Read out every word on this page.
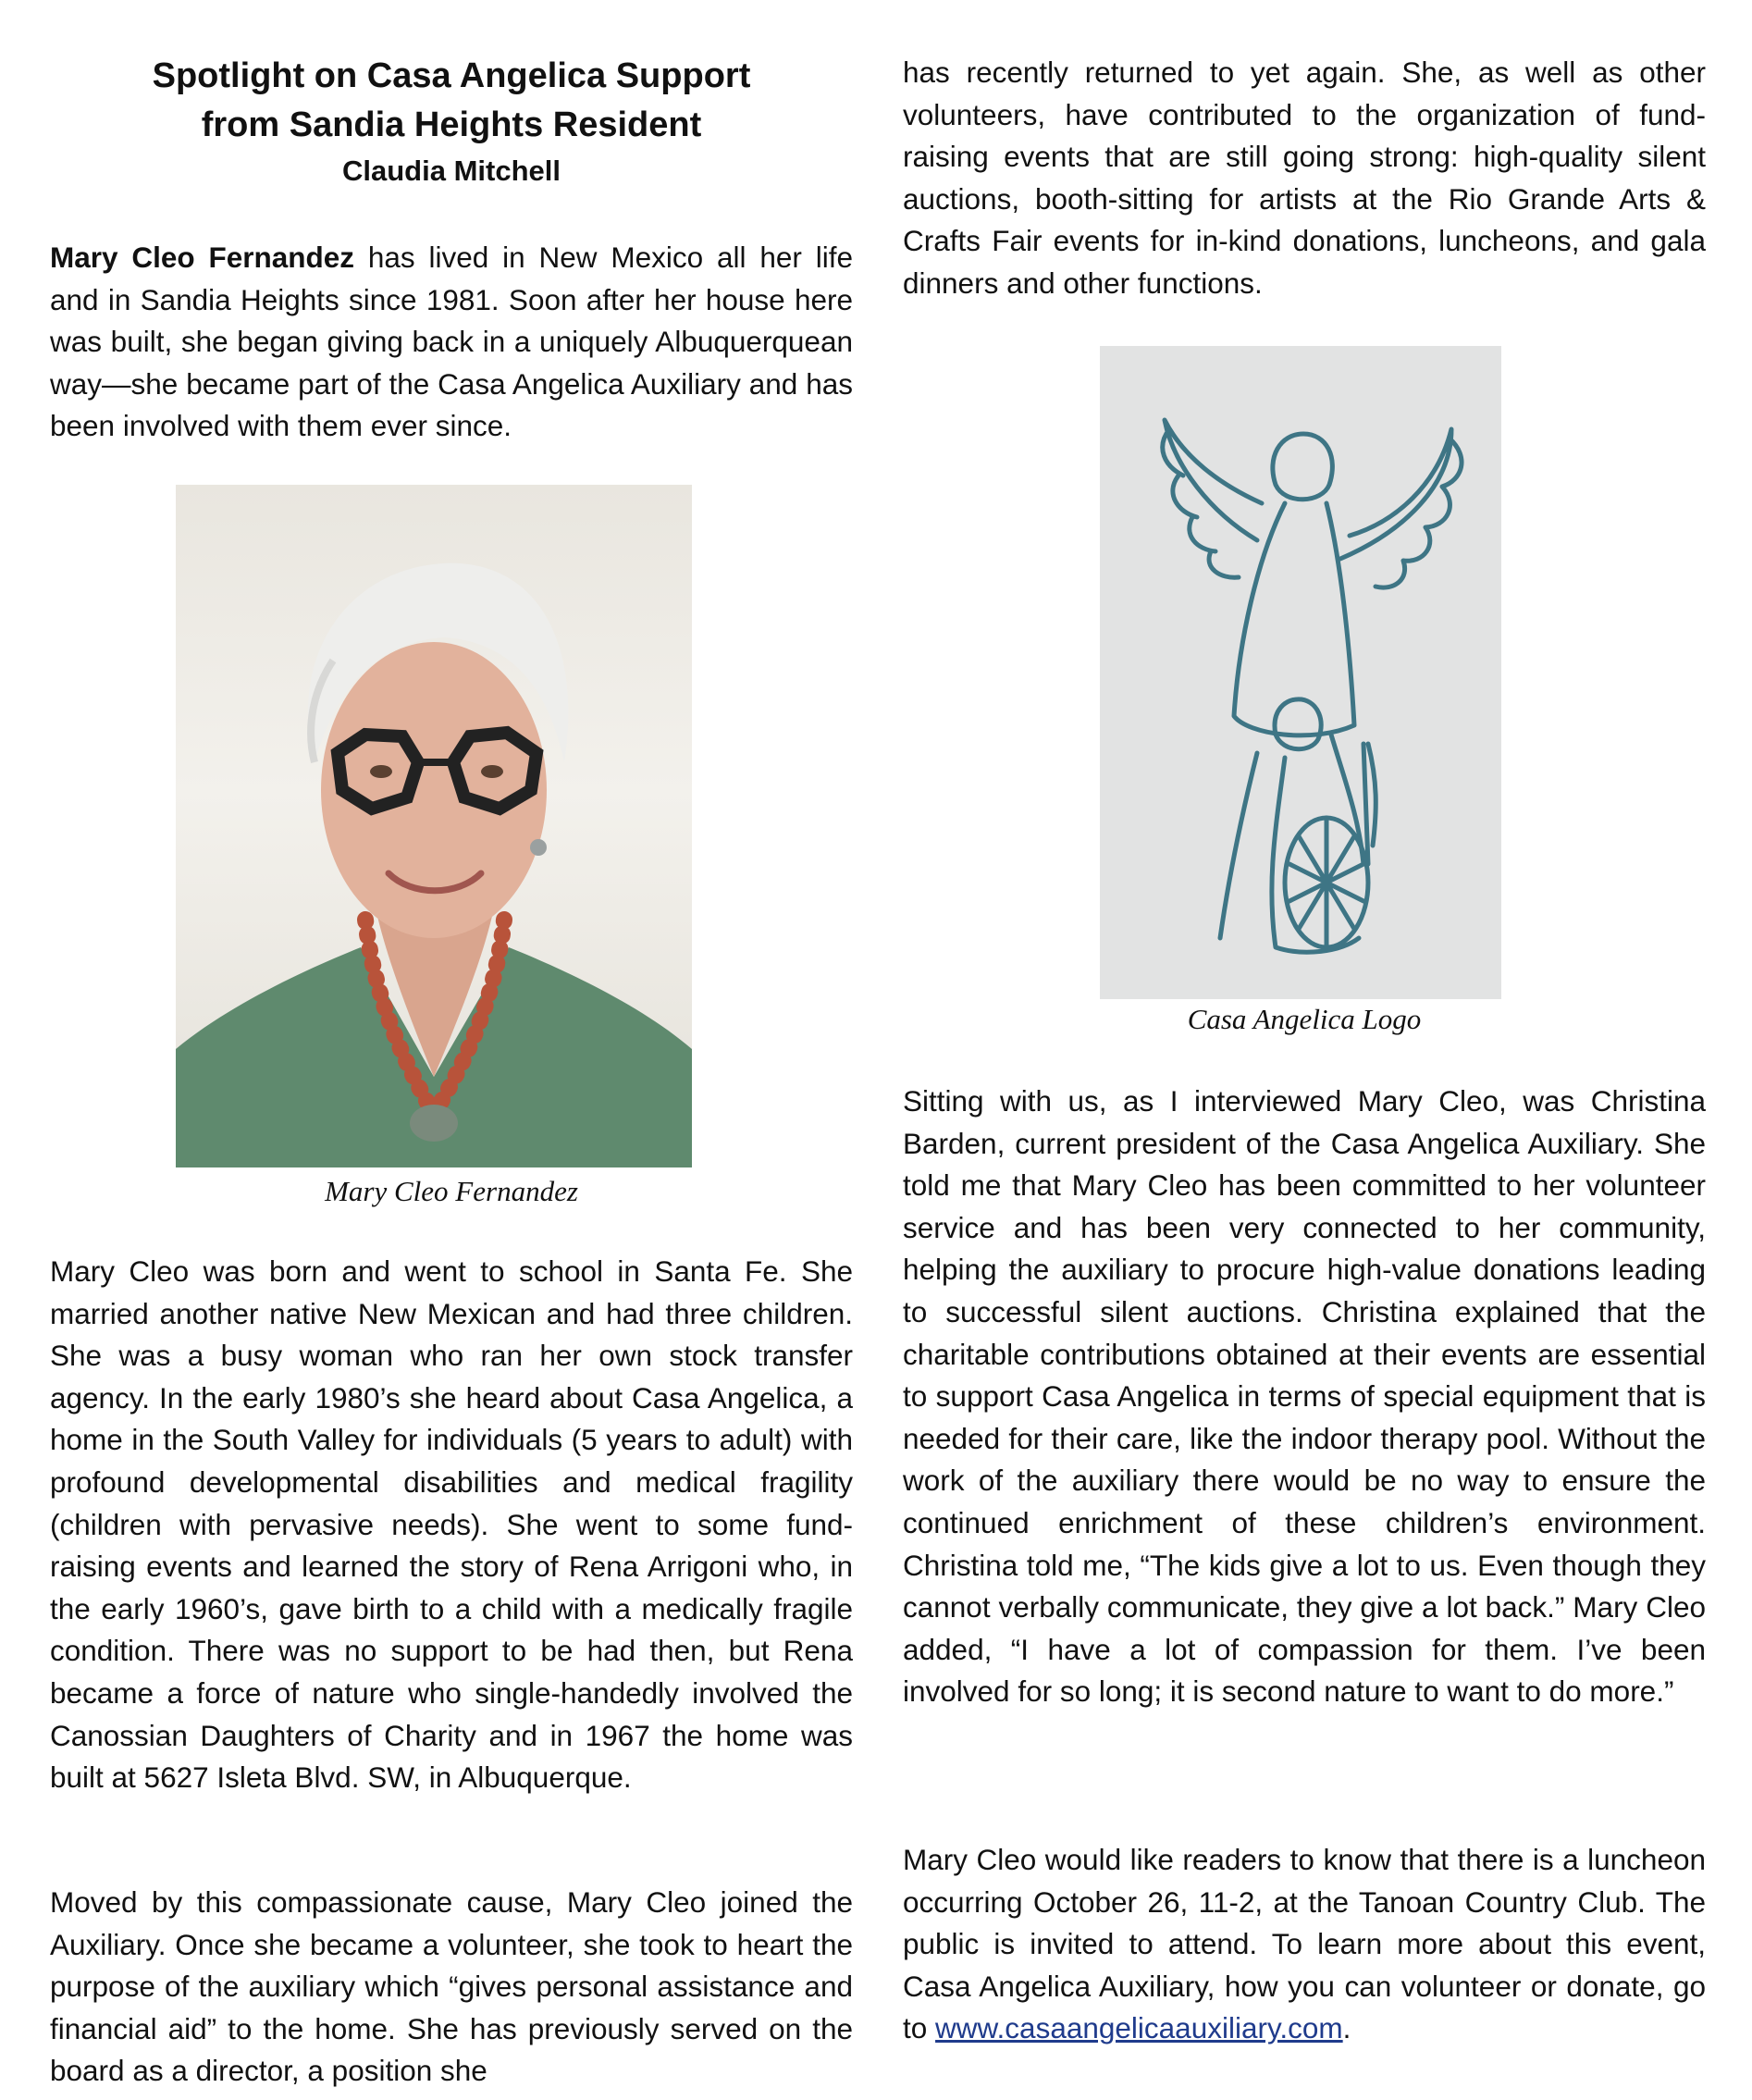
Spotlight on Casa Angelica Support
from Sandia Heights Resident
Claudia Mitchell

Mary Cleo Fernandez has lived in New Mexico all her life and in Sandia Heights since 1981. Soon after her house here was built, she began giving back in a uniquely Albuquerquean way—she became part of the Casa Angelica Auxiliary and has been involved with them ever since.

Mary Cleo Fernandez

Mary Cleo was born and went to school in Santa Fe. She married another native New Mexican and had three children. She was a busy woman who ran her own stock transfer agency. In the early 1980’s she heard about Casa Angelica, a home in the South Valley for individuals (5 years to adult) with profound developmental disabilities and medical fragility (children with pervasive needs). She went to some fund-raising events and learned the story of Rena Arrigoni who, in the early 1960’s, gave birth to a child with a medically fragile condition. There was no support to be had then, but Rena became a force of nature who single-handedly involved the Canossian Daughters of Charity and in 1967 the home was built at 5627 Isleta Blvd. SW, in Albuquerque.

Moved by this compassionate cause, Mary Cleo joined the Auxiliary. Once she became a volunteer, she took to heart the purpose of the auxiliary which “gives personal assistance and financial aid” to the home. She has previously served on the board as a director, a position she

has recently returned to yet again. She, as well as other volunteers, have contributed to the organization of fund-raising events that are still going strong: high-quality silent auctions, booth-sitting for artists at the Rio Grande Arts & Crafts Fair events for in-kind donations, luncheons, and gala dinners and other functions.

Casa Angelica Logo

Sitting with us, as I interviewed Mary Cleo, was Christina Barden, current president of the Casa Angelica Auxiliary. She told me that Mary Cleo has been committed to her volunteer service and has been very connected to her community, helping the auxiliary to procure high-value donations leading to successful silent auctions. Christina explained that the charitable contributions obtained at their events are essential to support Casa Angelica in terms of special equipment that is needed for their care, like the indoor therapy pool. Without the work of the auxiliary there would be no way to ensure the continued enrichment of these children’s environment. Christina told me, “The kids give a lot to us. Even though they cannot verbally communicate, they give a lot back.” Mary Cleo added, “I have a lot of compassion for them. I’ve been involved for so long; it is second nature to want to do more.”

Mary Cleo would like readers to know that there is a luncheon occurring October 26, 11-2, at the Tanoan Country Club. The public is invited to attend. To learn more about this event, Casa Angelica Auxiliary, how you can volunteer or donate, go to www.casaangelicaauxiliary.com.
